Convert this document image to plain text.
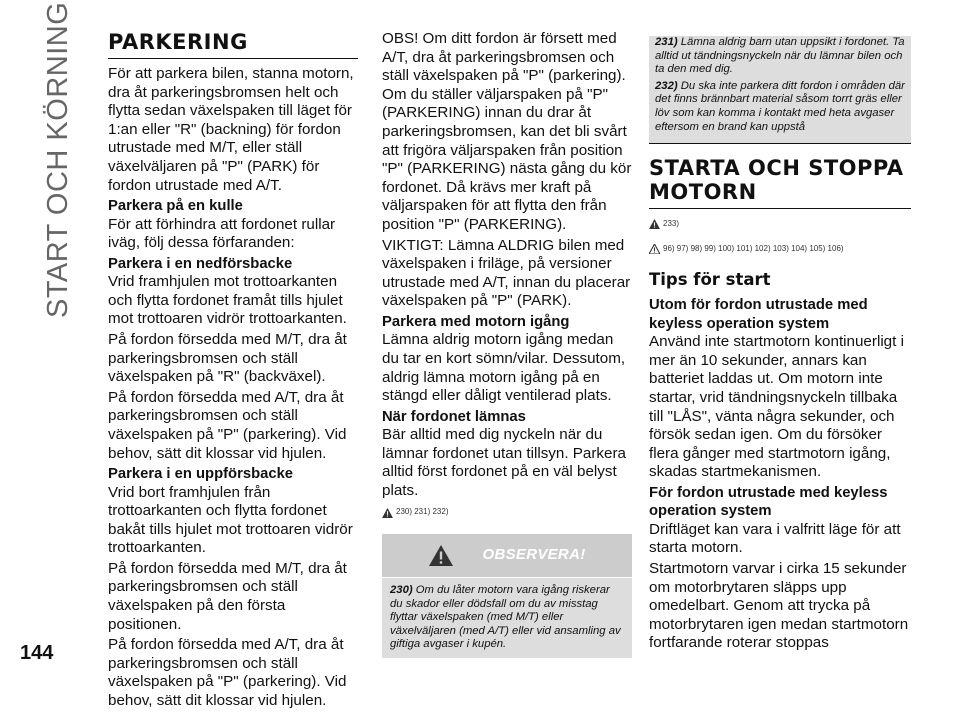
START OCH KÖRNING
144
PARKERING

För att parkera bilen, stanna motorn, dra åt parkeringsbromsen helt och flytta sedan växelspaken till läget för 1:an eller "R" (backning) för fordon utrustade med M/T, eller ställ växelväljaren på "P" (PARK) för fordon utrustade med A/T.

Parkera på en kulle

För att förhindra att fordonet rullar iväg, följ dessa förfaranden:

Parkera i en nedförsbacke

Vrid framhjulen mot trottoarkanten och flytta fordonet framåt tills hjulet mot trottoaren vidrör trottoarkanten.

På fordon försedda med M/T, dra åt parkeringsbromsen och ställ växelspaken på "R" (backväxel).

På fordon försedda med A/T, dra åt parkeringsbromsen och ställ växelspaken på "P" (parkering). Vid behov, sätt dit klossar vid hjulen.

Parkera i en uppförsbacke

Vrid bort framhjulen från trottoarkanten och flytta fordonet bakåt tills hjulet mot trottoaren vidrör trottoarkanten.

På fordon försedda med M/T, dra åt parkeringsbromsen och ställ växelspaken på den första positionen.

På fordon försedda med A/T, dra åt parkeringsbromsen och ställ växelspaken på "P" (parkering). Vid behov, sätt dit klossar vid hjulen.

OBS! Om ditt fordon är försett med A/T, dra åt parkeringsbromsen och ställ växelspaken på "P" (parkering). Om du ställer väljarspaken på "P" (PARKERING) innan du drar åt parkeringsbromsen, kan det bli svårt att frigöra väljarspaken från position "P" (PARKERING) nästa gång du kör fordonet. Då krävs mer kraft på väljarspaken för att flytta den från position "P" (PARKERING).

VIKTIGT: Lämna ALDRIG bilen med växelspaken i friläge, på versioner utrustade med A/T, innan du placerar växelspaken på "P" (PARK).

Parkera med motorn igång

Lämna aldrig motorn igång medan du tar en kort sömn/vilar. Dessutom, aldrig lämna motorn igång på en stängd eller dåligt ventilerad plats.

När fordonet lämnas

Bär alltid med dig nyckeln när du lämnar fordonet utan tillsyn. Parkera alltid först fordonet på en väl belyst plats.

230) 231) 232)
OBSERVERA!
230) Om du låter motorn vara igång riskerar du skador eller dödsfall om du av misstag flyttar växelspaken (med M/T) eller växelväljaren (med A/T) eller vid ansamling av giftiga avgaser i kupén.

231) Lämna aldrig barn utan uppsikt i fordonet. Ta alltid ut tändningsnyckeln när du lämnar bilen och ta den med dig.

232) Du ska inte parkera ditt fordon i områden där det finns brännbart material såsom torrt gräs eller löv som kan komma i kontakt med heta avgaser eftersom en brand kan uppstå

STARTA OCH STOPPA MOTORN
233)
96) 97) 98) 99) 100) 101) 102) 103) 104) 105) 106)
Tips för start
Utom för fordon utrustade med keyless operation system

Använd inte startmotorn kontinuerligt i mer än 10 sekunder, annars kan batteriet laddas ut. Om motorn inte startar, vrid tändningsnyckeln tillbaka till "LÅS", vänta några sekunder, och försök sedan igen. Om du försöker flera gånger med startmotorn igång, skadas startmekanismen.

För fordon utrustade med keyless operation system

Driftläget kan vara i valfritt läge för att starta motorn.

Startmotorn varvar i cirka 15 sekunder om motorbrytaren släpps upp omedelbart. Genom att trycka på motorbrytaren igen medan startmotorn fortfarande roterar stoppas
